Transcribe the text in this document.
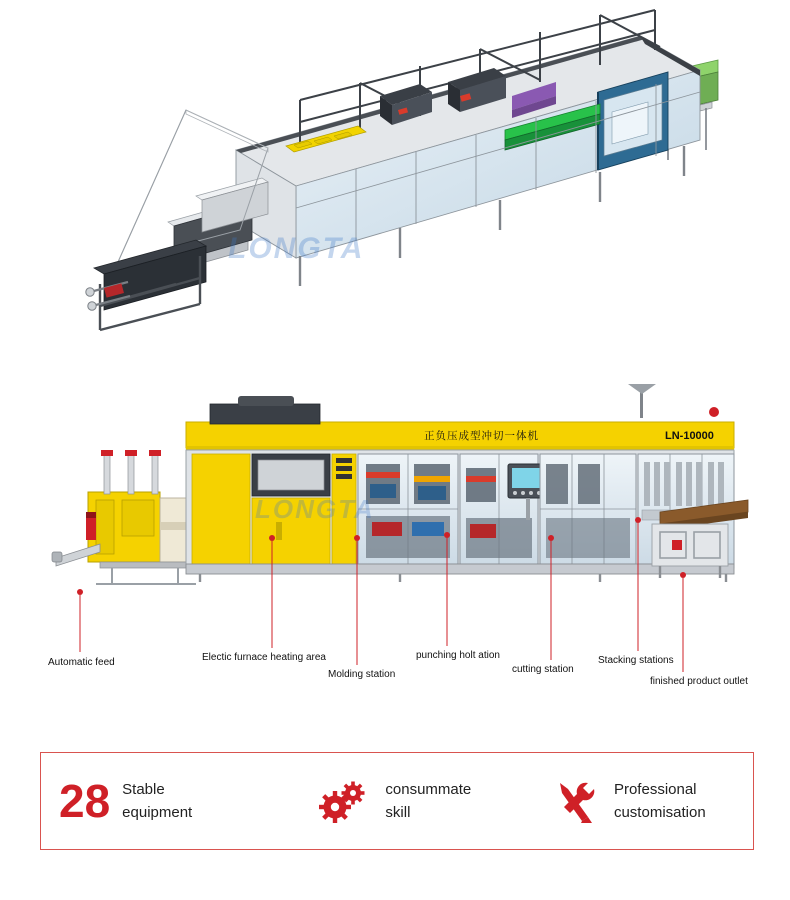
LONGTA
LONGTA
LN-10000
正负压成型冲切一体机
Automatic feed	Electic furnace heating area
Molding station
punching holt ation
cutting station
Stacking stations
finished product outlet
28 Stable
equipment
consummate
skill
Professional
customisation
